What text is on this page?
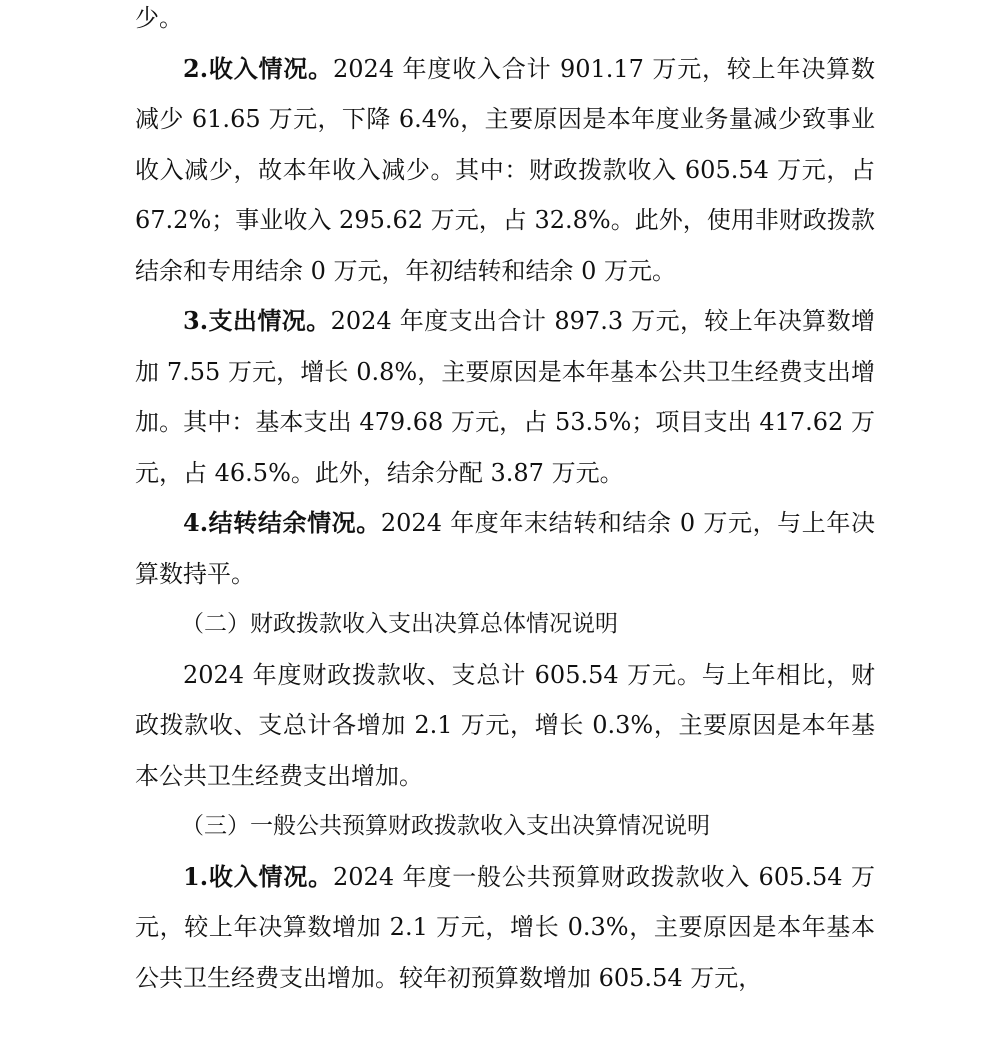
少。

2.收入情况。2024 年度收入合计 901.17 万元，较上年决算数减少 61.65 万元，下降 6.4%，主要原因是本年度业务量减少致事业收入减少，故本年收入减少。其中：财政拨款收入 605.54 万元，占 67.2%；事业收入 295.62 万元，占 32.8%。此外，使用非财政拨款结余和专用结余 0 万元，年初结转和结余 0 万元。

3.支出情况。2024 年度支出合计 897.3 万元，较上年决算数增加 7.55 万元，增长 0.8%，主要原因是本年基本公共卫生经费支出增加。其中：基本支出 479.68 万元，占 53.5%；项目支出 417.62 万元，占 46.5%。此外，结余分配 3.87 万元。

4.结转结余情况。2024 年度年末结转和结余 0 万元，与上年决算数持平。

（二）财政拨款收入支出决算总体情况说明

2024 年度财政拨款收、支总计 605.54 万元。与上年相比，财政拨款收、支总计各增加 2.1 万元，增长 0.3%，主要原因是本年基本公共卫生经费支出增加。

（三）一般公共预算财政拨款收入支出决算情况说明

1.收入情况。2024 年度一般公共预算财政拨款收入 605.54 万元，较上年决算数增加 2.1 万元，增长 0.3%，主要原因是本年基本公共卫生经费支出增加。较年初预算数增加 605.54 万元，
